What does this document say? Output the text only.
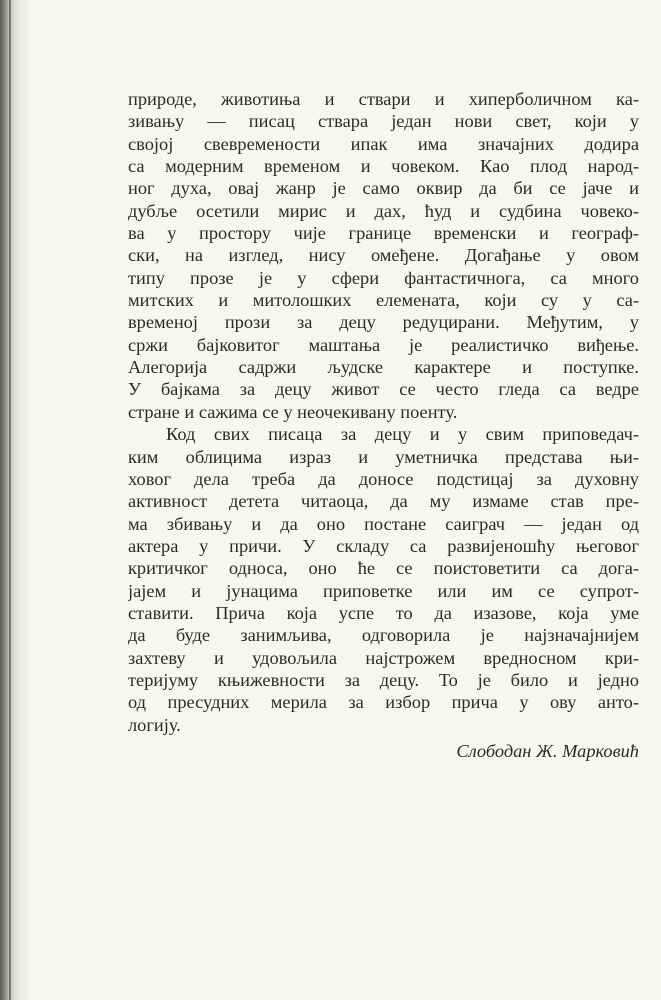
природе, животиња и ствари и хиперболичном ка-
зивању — писац ствара један нови свет, који у
својој свевремености ипак има значајних додира
са модерним временом и човеком. Као плод народ-
ног духа, овај жанр је само оквир да би се јаче и
дубље осетили мирис и дах, ћуд и судбина човеко-
ва у простору чије границе временски и географ-
ски, на изглед, нису омеђене. Догађање у овом
типу прозе је у сфери фантастичнога, са много
митских и митолошких елемената, који су у са-
временој прози за децу редуцирани. Међутим, у
сржи бајковитог маштања је реалистичко виђење.
Алегорија садржи људске карактере и поступке.
У бајкама за децу живот се често гледа са ведре
стране и сажима се у неочекивану поенту.
Код свих писаца за децу и у свим приповедач-
ким облицима израз и уметничка представа њи-
ховог дела треба да доносе подстицај за духовну
активност детета читаоца, да му измаме став пре-
ма збивању и да оно постане саиграч — један од
актера у причи. У складу са развијеношћу његовог
критичког односа, оно ће се поистоветити са дога-
јајем и јунацима приповетке или им се супрот-
ставити. Прича која успе то да изазове, која уме
да буде занимљива, одговорила је најзначајнијем
захтеву и удовољила најстрожем вредносном кри-
теријуму књижевности за децу. То је било и једно
од пресудних мерила за избор прича у ову анто-
логију.
Слободан Ж. Марковић
